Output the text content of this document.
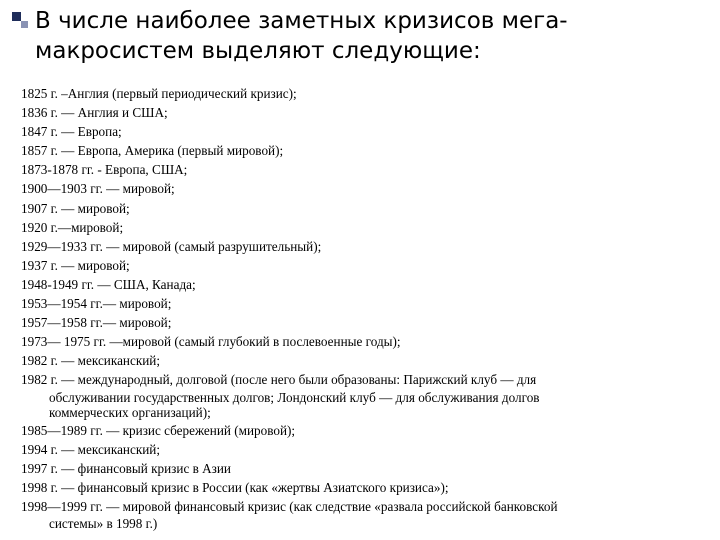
В числе наиболее заметных кризисов мега-
макросистем выделяют следующие:
1825 г. –Англия (первый периодический кризис);
1836 г. — Англия и США;
1847 г. — Европа;
1857 г. — Европа, Америка (первый мировой);
1873-1878 гг. - Европа, США;
1900—1903 гг. — мировой;
1907 г. — мировой;
1920 г.—мировой;
1929—1933 гг. — мировой (самый разрушительный);
1937 г. — мировой;
1948-1949 гг. — США, Канада;
1953—1954 гг.— мировой;
1957—1958 гг.— мировой;
1973— 1975 гг. —мировой (самый глубокий в послевоенные годы);
1982 г. — мексиканский;
1982 г. — международный, долговой (после него были образованы: Парижский клуб — для
обслуживании государственных долгов; Лондонский клуб — для обслуживания долгов
коммерческих организаций);
1985—1989 гг. — кризис сбережений (мировой);
1994 г. — мексиканский;
1997 г. — финансовый кризис в Азии
1998 г. — финансовый кризис в России (как «жертвы Азиатского кризиса»);
1998—1999 гг. — мировой финансовый кризис (как следствие «развала российской банковской
системы» в 1998 г.)
